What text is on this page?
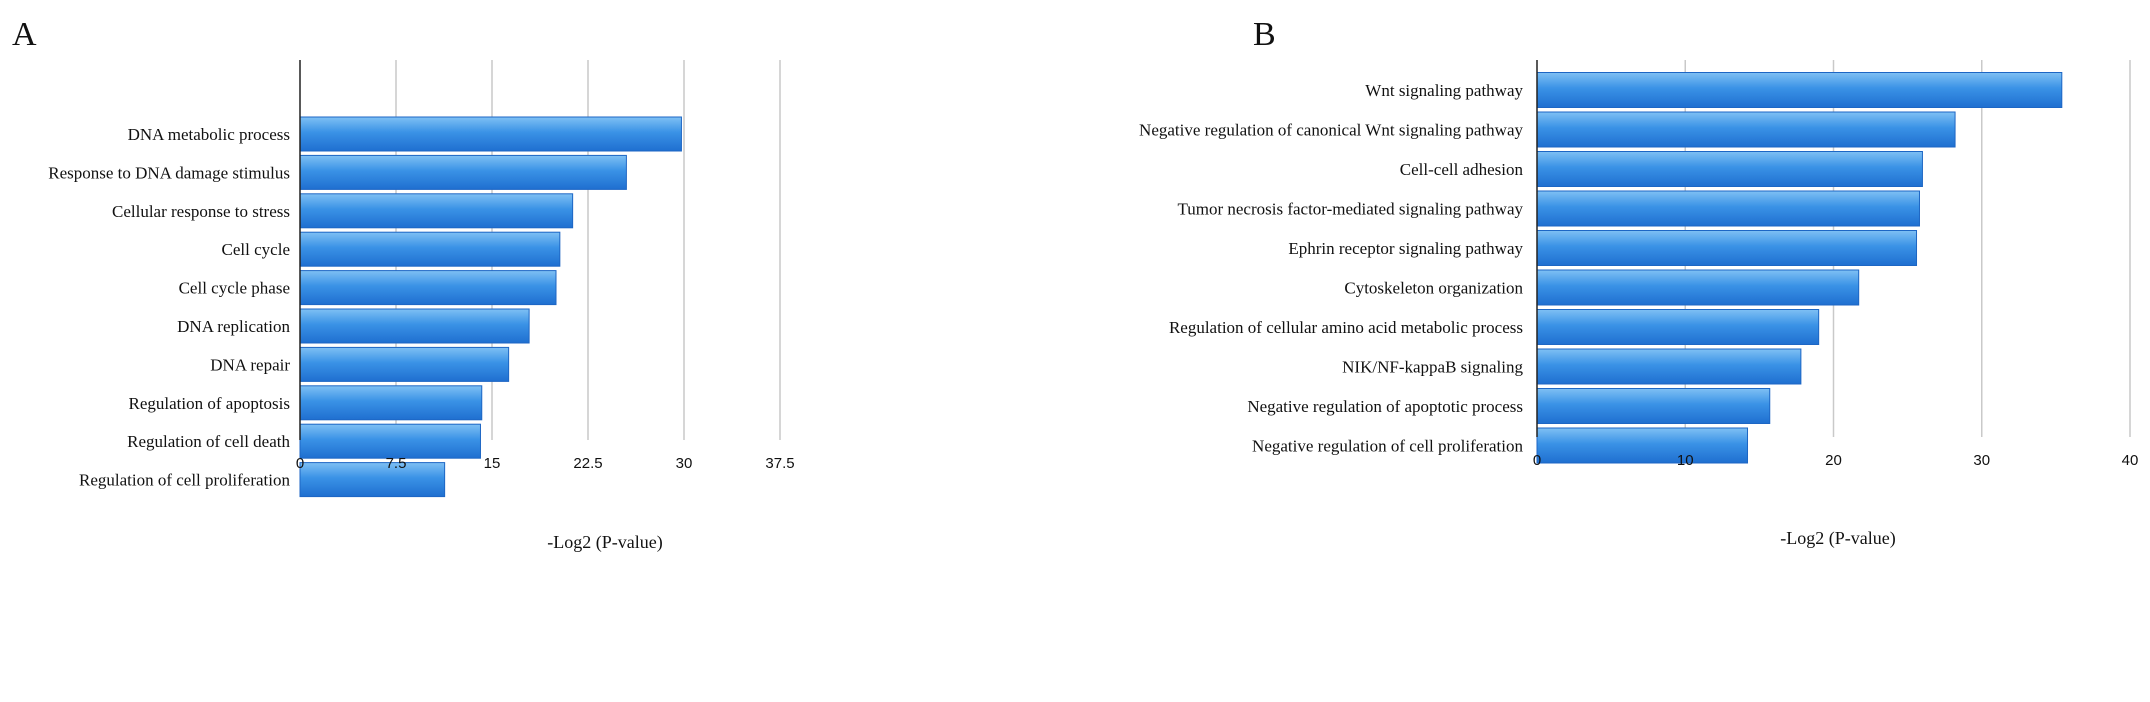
A
DNA metabolic process
Response to DNA damage stimulus
Cellular response to stress
Cell cycle
Cell cycle phase
DNA replication
DNA repair
Regulation of apoptosis
Regulation of cell death
Regulation of cell proliferation
0	7.5	15	22.5	30	37.5
-Log2 (P-value)
B
Wnt signaling pathway
Negative regulation of canonical Wnt signaling pathway
Cell-cell adhesion
Tumor necrosis factor-mediated signaling pathway
Ephrin receptor signaling pathway
Cytoskeleton organization
Regulation of cellular amino acid metabolic process
NIK/NF-kappaB signaling
Negative regulation of apoptotic process
Negative regulation of cell proliferation
0	10	20	30	40
-Log2 (P-value)
